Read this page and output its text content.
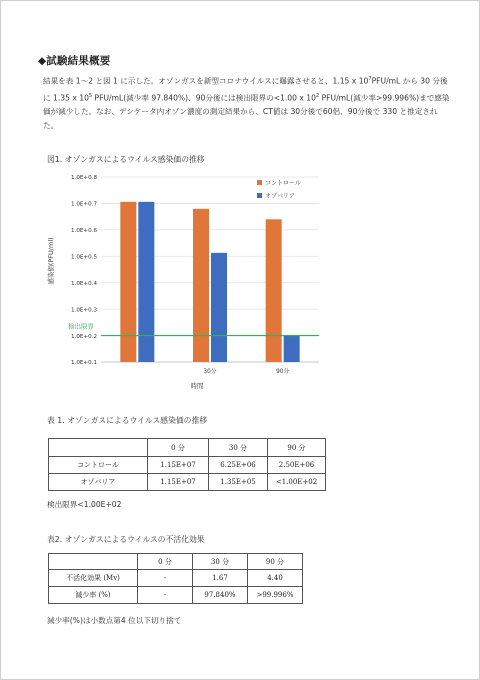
◆試験結果概要
結果を表 1〜2 と図 1 に示した。オゾンガスを新型コロナウイルスに曝露させると、1.15 x $10^7PFU/mL$ から 30 分後に 1.35 x $10^5$ PFU/mL(減少率 97.840%)、90分後には検出限界の<1.00 x $10^2$ PFU/mL(減少率>99.996%)まで感染価が減少した。なお、デシケータ内オゾン濃度の測定結果から、CT値は 30分後で60侶、90分後で 330 と推定された。
図1. オゾンガスによるウイルス感染価の推移
検出限界
1.0E+0.1
1.0E+0.2
1.0E+0.3
1.0E+0.4
1.0E+0.5
1.0E+0.6
1.0E+0.7
1.0E+0.8
30分	90分
感染価(PFU/ml)
時間
コントロール
オゾバリア
表 1. オゾンガスによるウイルス感染価の推移
	0 分	30 分	90 分
コントロール	1.15E+07	6.25E+06	2.50E+06
オゾバリア	1.15E+07	1.35E+05	<1.00E+02
検出限界<1.00E+02
表2. オゾンガスによるウイルスの不活化効果
	0 分	30 分	90 分
不活化効果 (Mv)	-	1.67	4.40
減少率 (%)	-	97.840%	>99.996%
減少率(%)は小数点第4 位以下切り捨て
